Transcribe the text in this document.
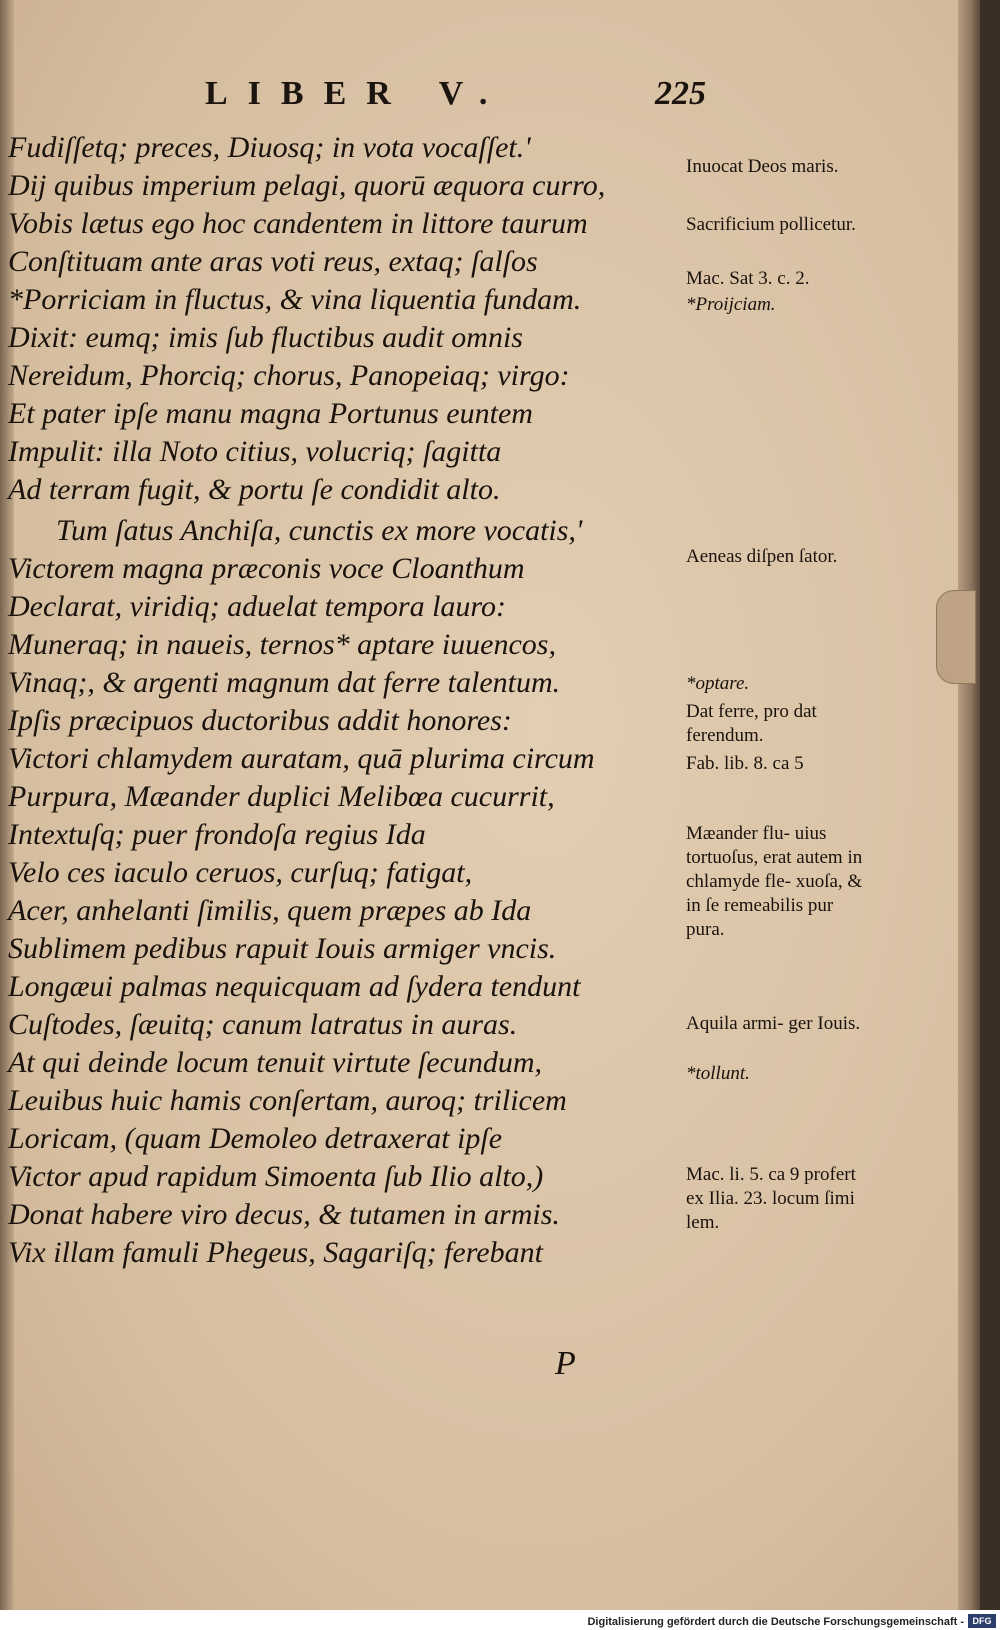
LIBER V.	225
Fudiſſetq; preces, Diuosq; in vota vocaſſet.'
Dij quibus imperium pelagi, quorū æquora curro,
Vobis lætus ego hoc candentem in littore taurum
Conſtituam ante aras voti reus, extaq; ſalſos
*Porriciam in fluctus, & vina liquentia fundam.
Dixit: eumq; imis ſub fluctibus audit omnis
Nereidum, Phorciq; chorus, Panopeiaq; virgo:
Et pater ipſe manu magna Portunus euntem
Impulit: illa Noto citius, volucriq; ſagitta
Ad terram fugit, & portu ſe condidit alto.
Tum ſatus Anchiſa, cunctis ex more vocatis,'
Victorem magna præconis voce Cloanthum
Declarat, viridiq; aduelat tempora lauro:
Muneraq; in naueis, ternos* aptare iuuencos,
Vinaq;, & argenti magnum dat ferre talentum.
Ipſis præcipuos ductoribus addit honores:
Victori chlamydem auratam, quā plurima circum
Purpura, Mæander duplici Melibœa cucurrit,
Intextuſq; puer frondoſa regius Ida
Velo ces iaculo ceruos, curſuq; fatigat,
Acer, anhelanti ſimilis, quem præpes ab Ida
Sublimem pedibus rapuit Iouis armiger vncis.
Longæui palmas nequicquam ad ſydera tendunt
Cuſtodes, ſæuitq; canum latratus in auras.
At qui deinde locum tenuit virtute ſecundum,
Leuibus huic hamis conſertam, auroq; trilicem
Loricam, (quam Demoleo detraxerat ipſe
Victor apud rapidum Simoenta ſub Ilio alto,)
Donat habere viro decus, & tutamen in armis.
Vix illam famuli Phegeus, Sagariſq; ferebant
Inuocat Deos maris.
Sacrificium pollicetur.
Mac. Sat 3. c. 2.
*Proijciam.
Aeneas diſpen ſator.
*optare.
Dat ferre, pro dat ferendum.
Fab. lib. 8. ca 5
Mæander flu- uius tortuoſus, erat autem in chlamyde fle- xuoſa, & in ſe remeabilis pur pura.
Aquila armi- ger Iouis.
*tollunt.
Mac. li. 5. ca 9 profert ex Ilia. 23. locum ſimi lem.
P
Digitalisierung gefördert durch die Deutsche Forschungsgemeinschaft - DFG
